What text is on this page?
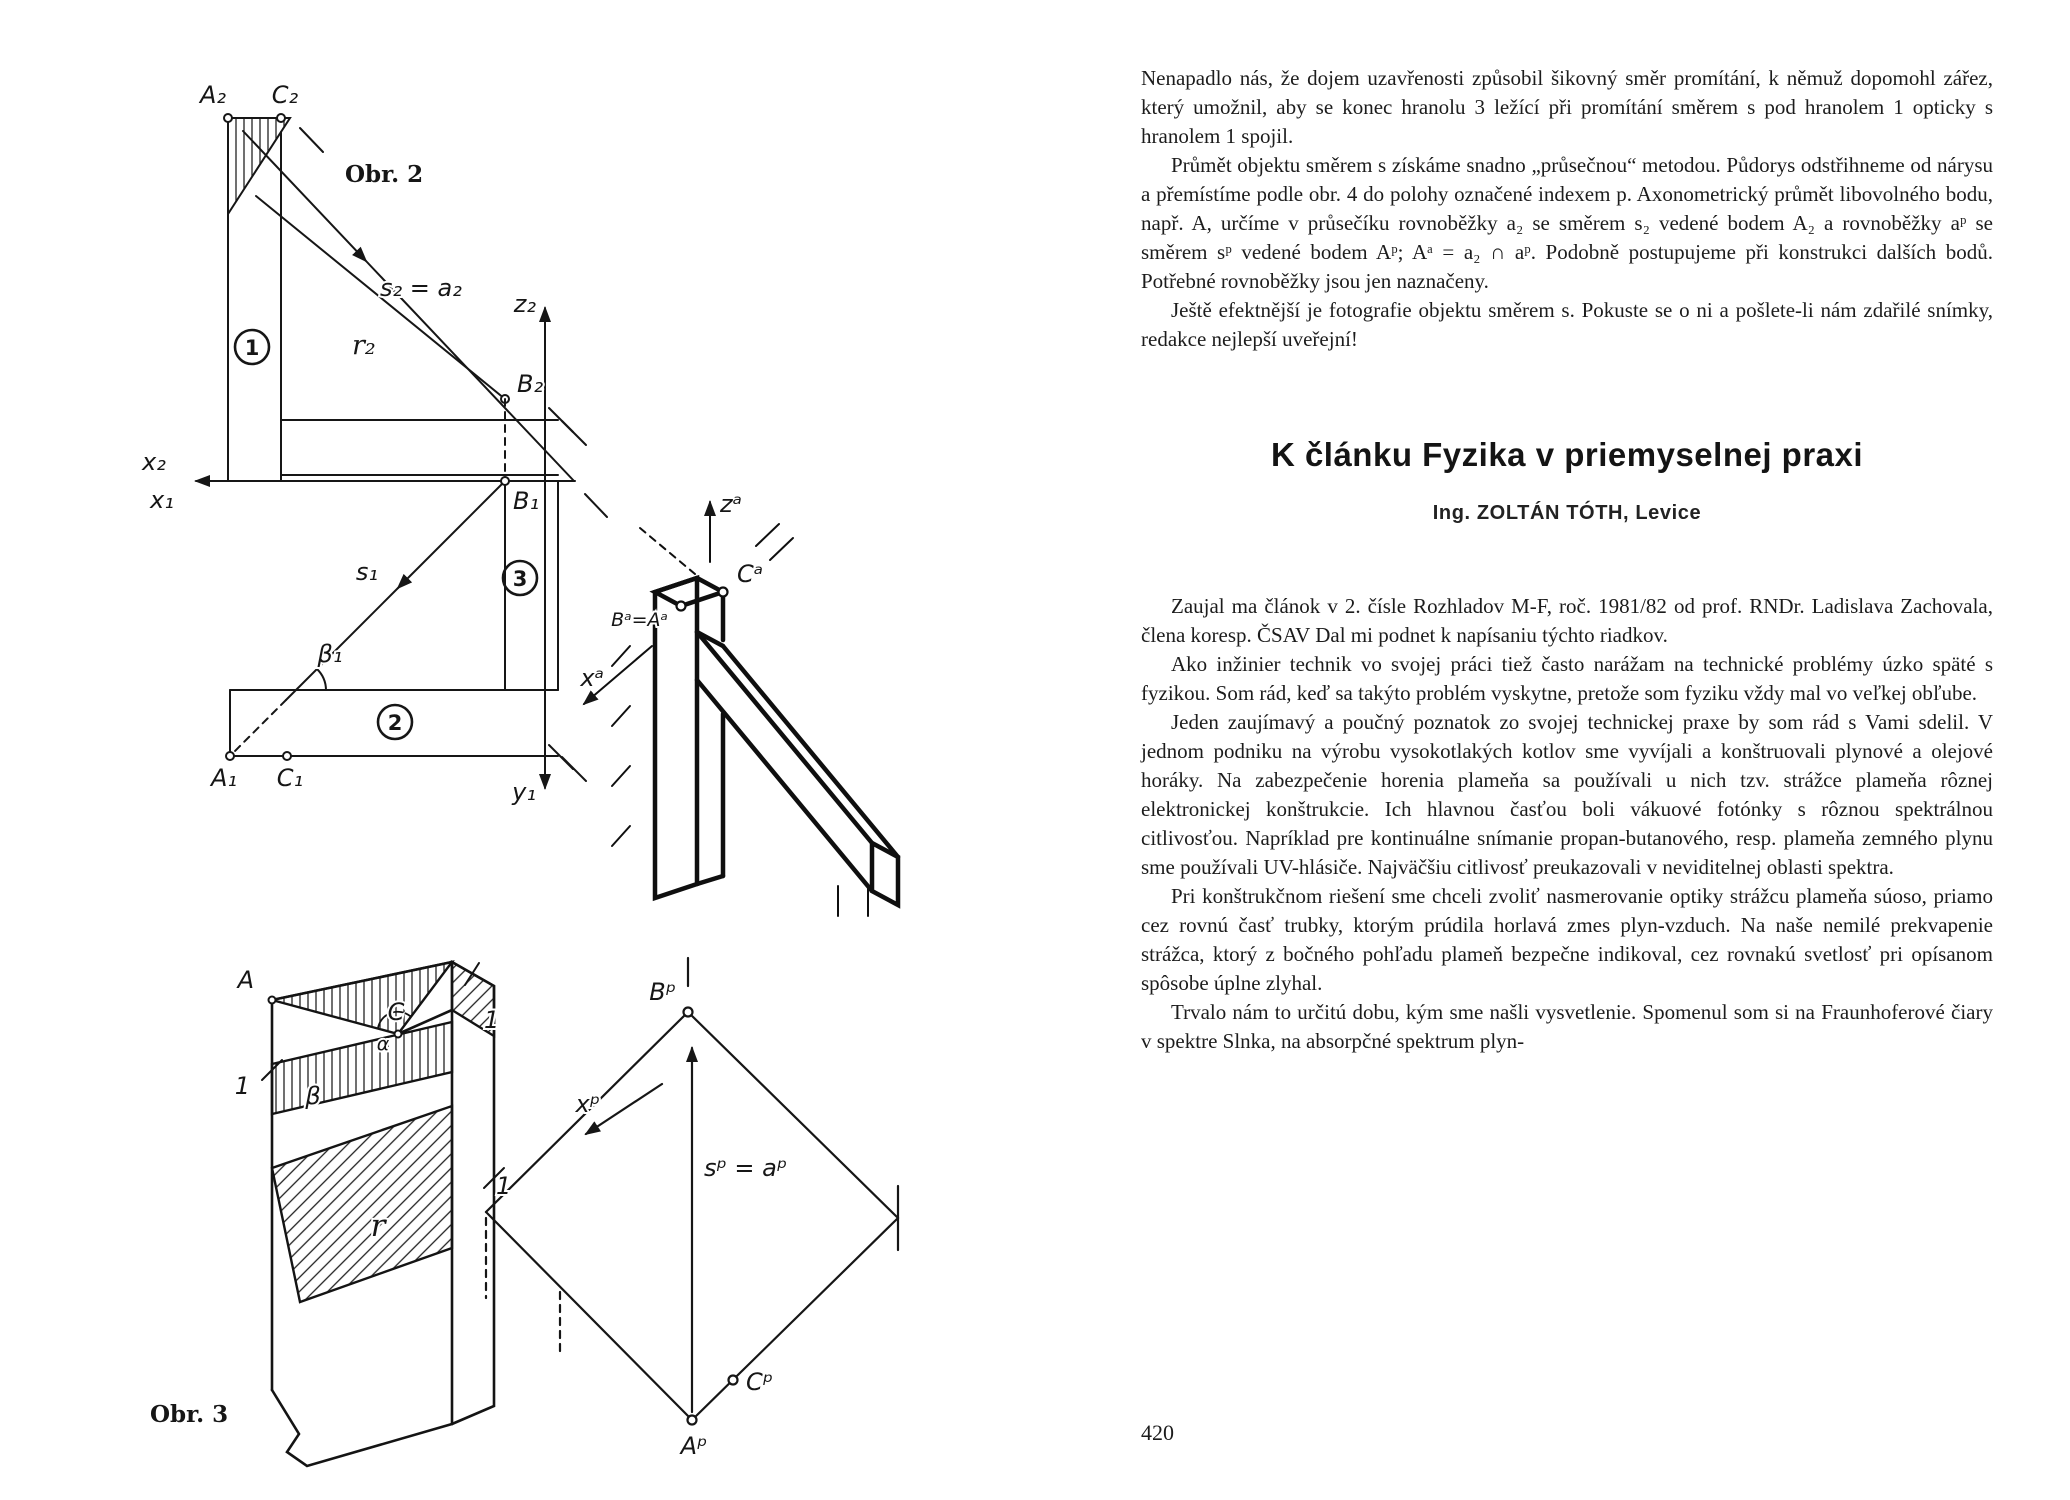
Obr. 2
1
3
2
A₂ C₂
s₂ = a₂
r₂
z₂
B₂
x₂
x₁	B₁
s₁
β₁
A₁ C₁	y₁
zᵃ
Cᵃ
Bᵃ=Aᵃ
xᵃ
Bᵖ
sᵖ = aᵖ
xᵖ
Cᵖ
Aᵖ
Obr. 3
A
C
α
β
r
1
1
1

Nenapadlo nás, že dojem uzavřenosti způsobil šikovný směr promítání, k němuž dopomohl zářez, který umožnil, aby se konec hranolu 3 ležící při promítání směrem s pod hranolem 1 opticky s hranolem 1 spojil.

Průmět objektu směrem s získáme snadno „průsečnou“ metodou. Půdorys odstřihneme od nárysu a přemístíme podle obr. 4 do polohy označené indexem p. Axonometrický průmět libovolného bodu, např. A, určíme v průsečíku rovnoběžky a₂ se směrem s₂ vedené bodem A₂ a rovnoběžky aᵖ se směrem sᵖ vedené bodem Aᵖ; Aᵃ = a₂ ∩ aᵖ. Podobně postupujeme při konstrukci dalších bodů. Potřebné rovnoběžky jsou jen naznačeny.

Ještě efektnější je fotografie objektu směrem s. Pokuste se o ni a pošlete-li nám zdařilé snímky, redakce nejlepší uveřejní!

K článku Fyzika v priemyselnej praxi
Ing. ZOLTÁN TÓTH, Levice

Zaujal ma článok v 2. čísle Rozhladov M-F, roč. 1981/82 od prof. RNDr. Ladislava Zachovala, člena koresp. ČSAV Dal mi podnet k napísaniu týchto riadkov.

Ako inžinier technik vo svojej práci tiež často narážam na technické problémy úzko späté s fyzikou. Som rád, keď sa takýto problém vyskytne, pretože som fyziku vždy mal vo veľkej obľube.

Jeden zaujímavý a poučný poznatok zo svojej technickej praxe by som rád s Vami sdelil. V jednom podniku na výrobu vysokotlakých kotlov sme vyvíjali a konštruovali plynové a olejové horáky. Na zabezpečenie horenia plameňa sa používali u nich tzv. strážce plameňa rôznej elektronickej konštrukcie. Ich hlavnou časťou boli vákuové fotónky s rôznou spektrálnou citlivosťou. Napríklad pre kontinuálne snímanie propan-butanového, resp. plameňa zemného plynu sme používali UV-hlásiče. Najväčšiu citlivosť preukazovali v neviditelnej oblasti spektra.

Pri konštrukčnom riešení sme chceli zvoliť nasmerovanie optiky strážcu plameňa súoso, priamo cez rovnú časť trubky, ktorým prúdila horlavá zmes plyn-vzduch. Na naše nemilé prekvapenie strážca, ktorý z bočného pohľadu plameň bezpečne indikoval, cez rovnakú svetlosť pri opísanom spôsobe úplne zlyhal.

Trvalo nám to určitú dobu, kým sme našli vysvetlenie. Spomenul som si na Fraunhoferové čiary v spektre Slnka, na absorpčné spektrum plyn-

420
